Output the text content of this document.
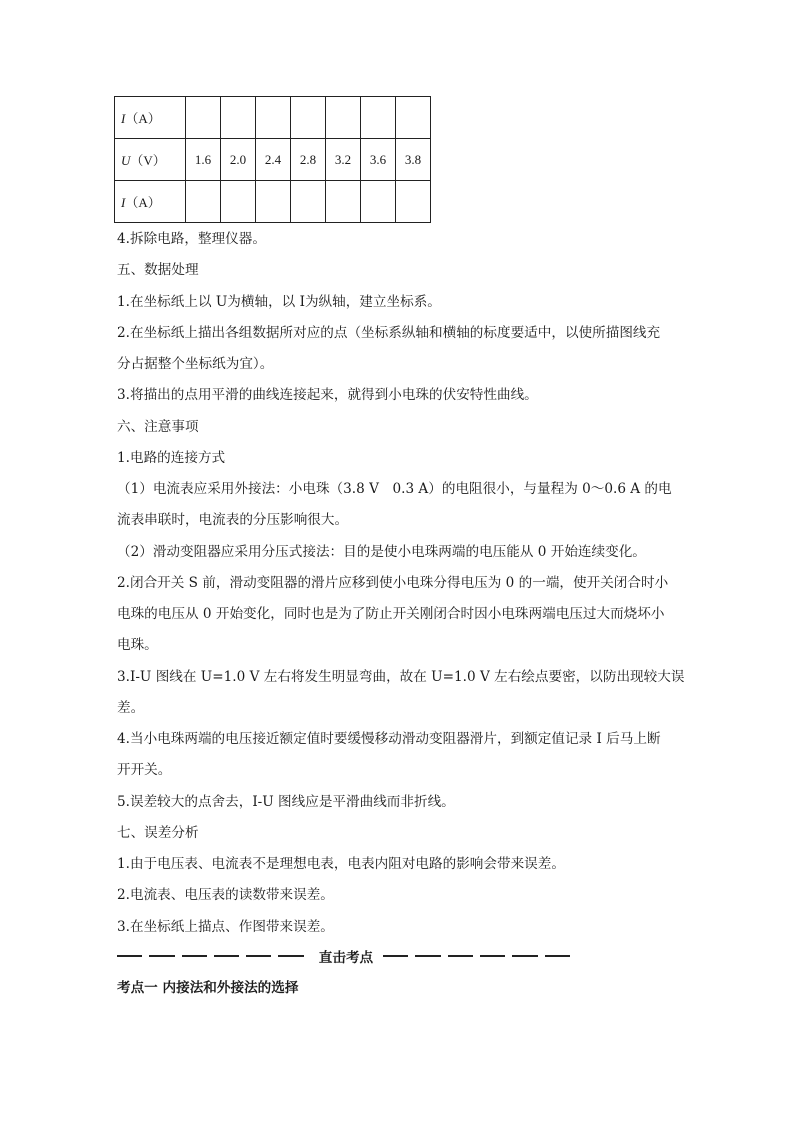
I（A）							
U（V）	1.6	2.0	2.4	2.8	3.2	3.6	3.8
I（A）							
4.拆除电路，整理仪器。
五、数据处理
1.在坐标纸上以 U为横轴，以 I为纵轴，建立坐标系。
2.在坐标纸上描出各组数据所对应的点（坐标系纵轴和横轴的标度要适中，以使所描图线充
分占据整个坐标纸为宜）。
3.将描出的点用平滑的曲线连接起来，就得到小电珠的伏安特性曲线。
六、注意事项
1.电路的连接方式
（1）电流表应采用外接法：小电珠（3.8 V　0.3 A）的电阻很小，与量程为 0～0.6 A 的电
流表串联时，电流表的分压影响很大。
（2）滑动变阻器应采用分压式接法：目的是使小电珠两端的电压能从 0 开始连续变化。
2.闭合开关 S 前，滑动变阻器的滑片应移到使小电珠分得电压为 0 的一端，使开关闭合时小
电珠的电压从 0 开始变化，同时也是为了防止开关刚闭合时因小电珠两端电压过大而烧坏小
电珠。
3.I-U 图线在 U=1.0 V 左右将发生明显弯曲，故在 U=1.0 V 左右绘点要密，以防出现较大误
差。
4.当小电珠两端的电压接近额定值时要缓慢移动滑动变阻器滑片，到额定值记录 I 后马上断
开开关。
5.误差较大的点舍去，I-U 图线应是平滑曲线而非折线。
七、误差分析
1.由于电压表、电流表不是理想电表，电表内阻对电路的影响会带来误差。
2.电流表、电压表的读数带来误差。
3.在坐标纸上描点、作图带来误差。
直击考点
考点一 内接法和外接法的选择
